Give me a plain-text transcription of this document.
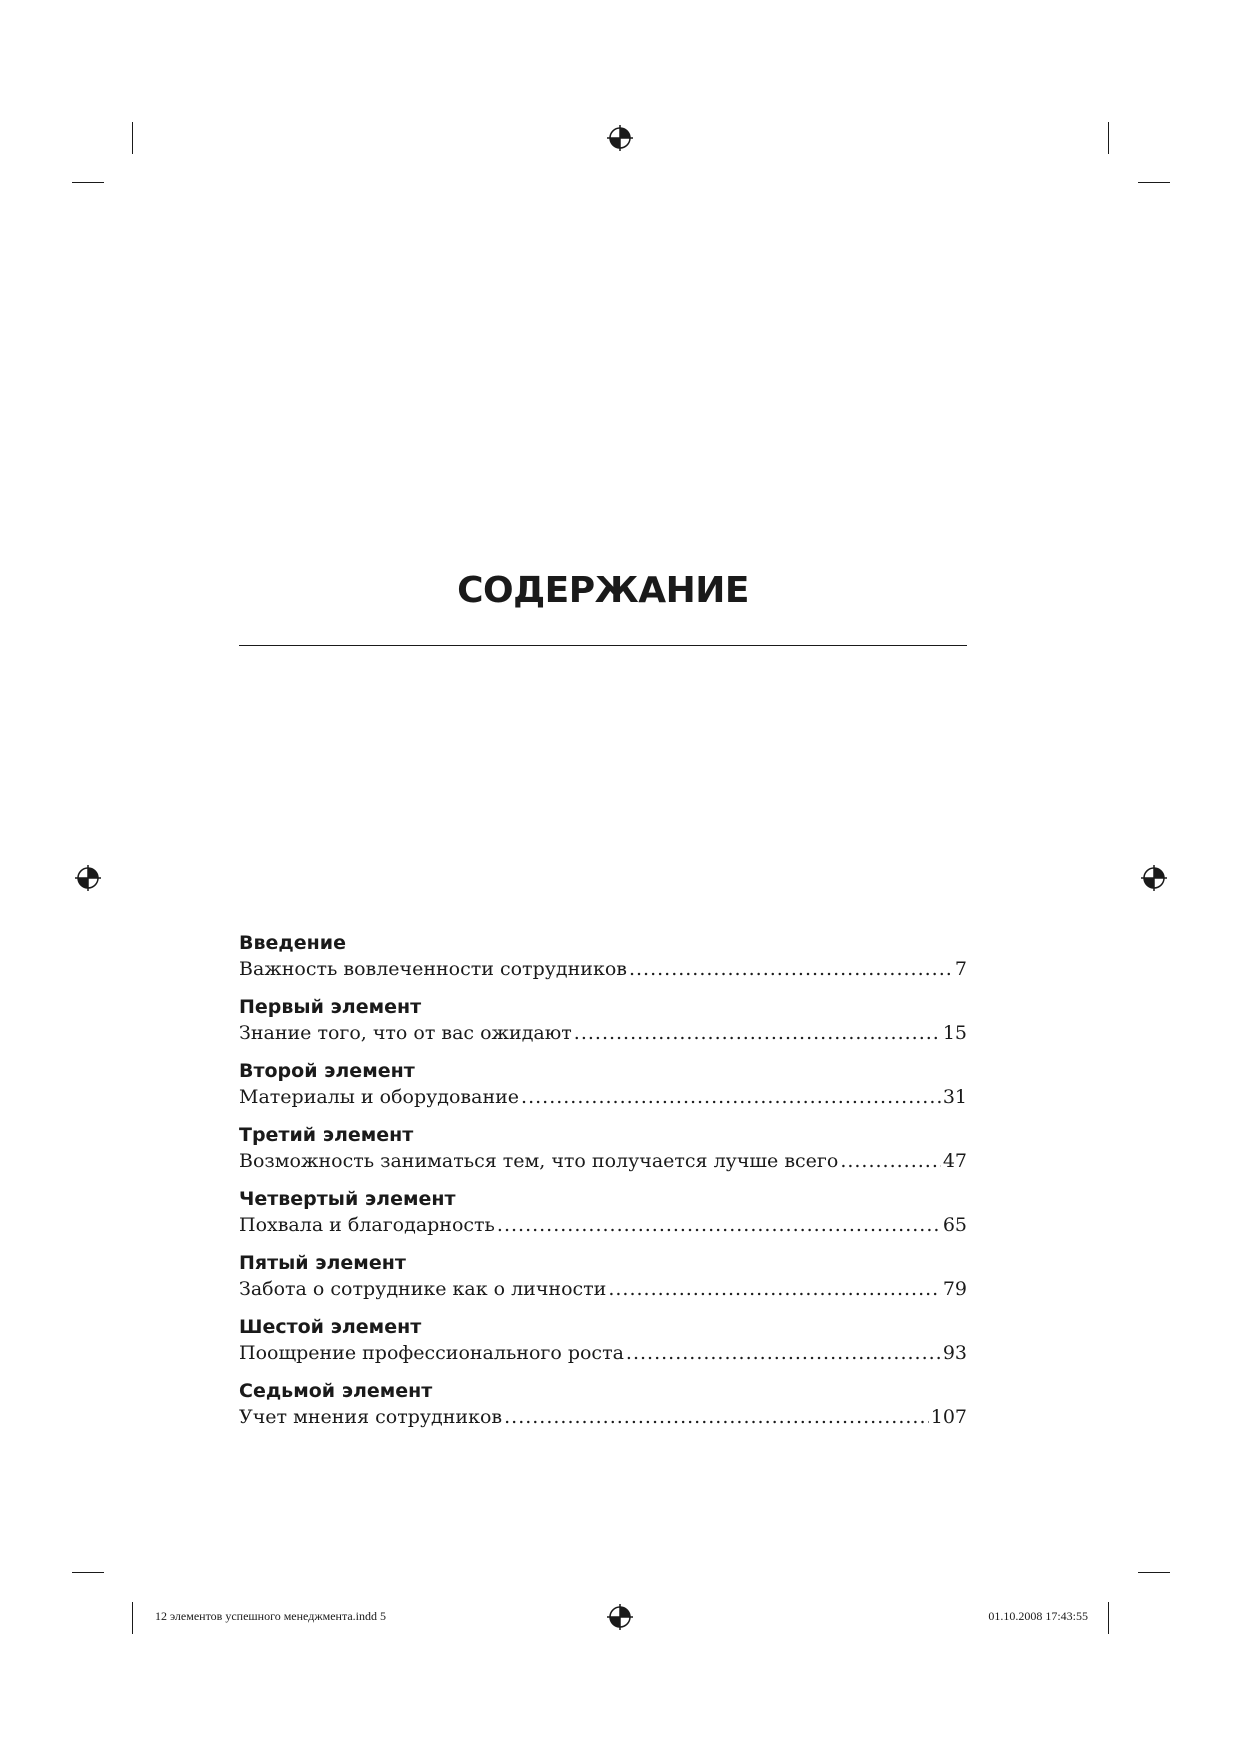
СОДЕРЖАНИЕ
Введение
Важность вовлеченности сотрудников .....	7
Первый элемент
Знание того, что от вас ожидают .....	15
Второй элемент
Материалы и оборудование .....	31
Третий элемент
Возможность заниматься тем, что получается лучше всего .....	47
Четвертый элемент
Похвала и благодарность .....	65
Пятый элемент
Забота о сотруднике как о личности .....	79
Шестой элемент
Поощрение профессионального роста .....	93
Седьмой элемент
Учет мнения сотрудников .....	107
12 элементов успешного менеджмента.indd 5	01.10.2008 17:43:55
